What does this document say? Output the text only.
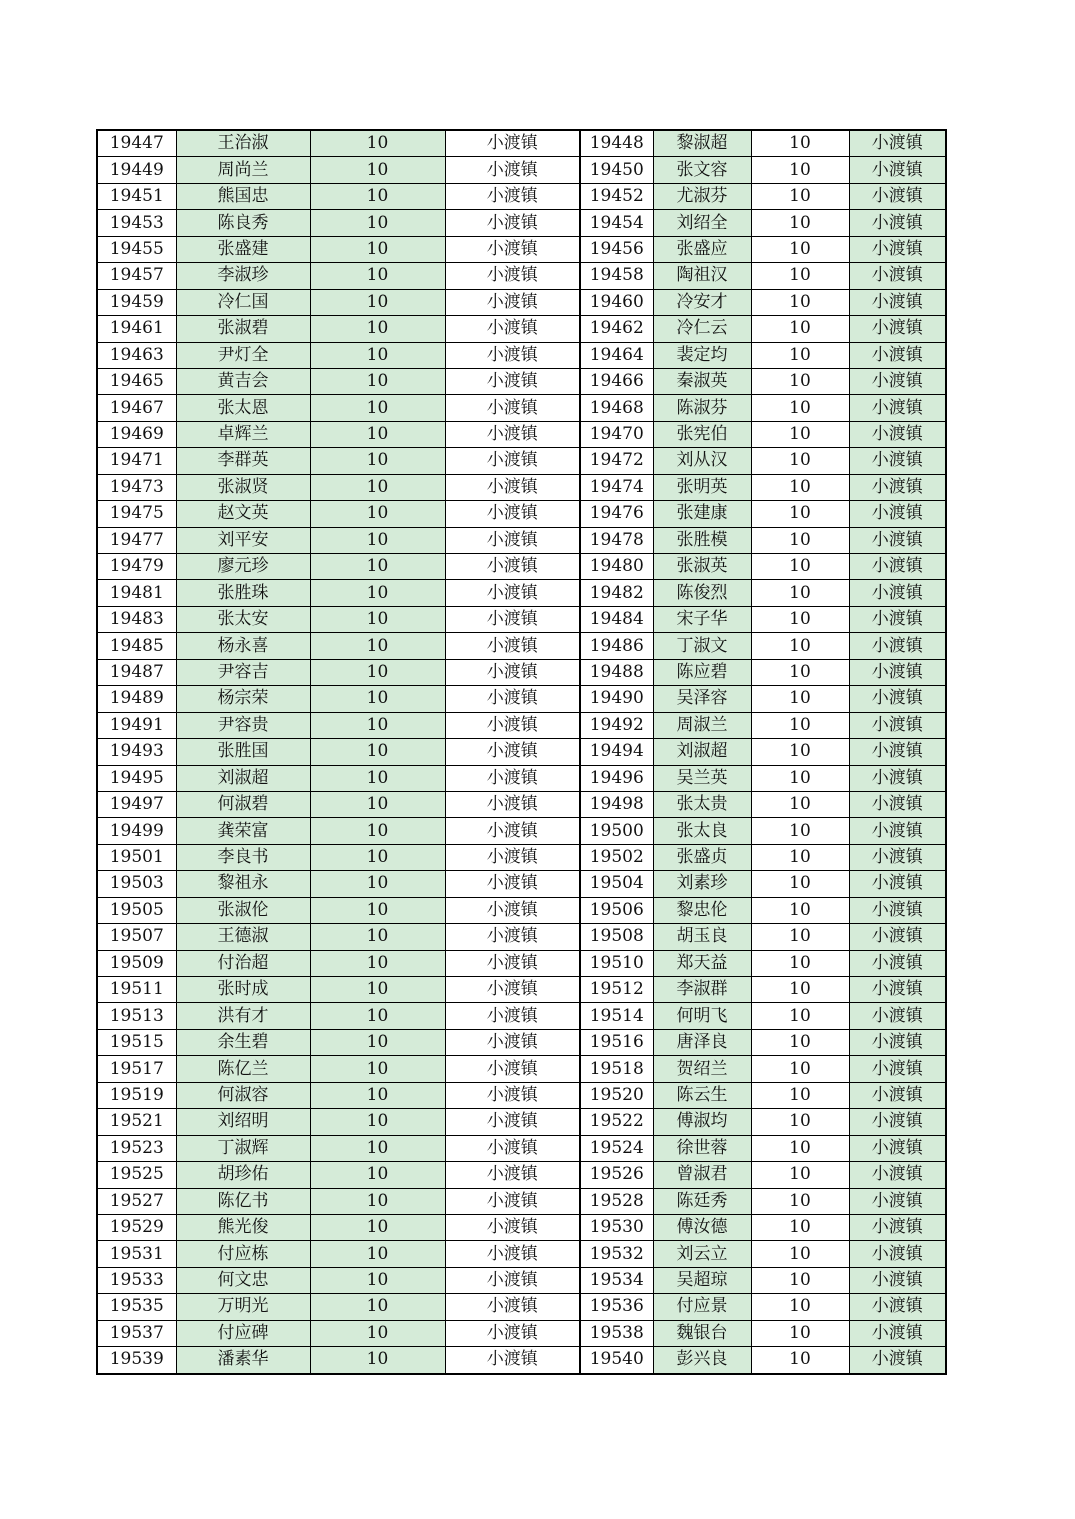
19447	王治淑	10	小渡镇	19448	黎淑超	10	小渡镇
19449	周尚兰	10	小渡镇	19450	张文容	10	小渡镇
19451	熊国忠	10	小渡镇	19452	尤淑芬	10	小渡镇
19453	陈良秀	10	小渡镇	19454	刘绍全	10	小渡镇
19455	张盛建	10	小渡镇	19456	张盛应	10	小渡镇
19457	李淑珍	10	小渡镇	19458	陶祖汉	10	小渡镇
19459	冷仁国	10	小渡镇	19460	冷安才	10	小渡镇
19461	张淑碧	10	小渡镇	19462	冷仁云	10	小渡镇
19463	尹灯全	10	小渡镇	19464	裴定均	10	小渡镇
19465	黄吉会	10	小渡镇	19466	秦淑英	10	小渡镇
19467	张太恩	10	小渡镇	19468	陈淑芬	10	小渡镇
19469	卓辉兰	10	小渡镇	19470	张宪伯	10	小渡镇
19471	李群英	10	小渡镇	19472	刘从汉	10	小渡镇
19473	张淑贤	10	小渡镇	19474	张明英	10	小渡镇
19475	赵文英	10	小渡镇	19476	张建康	10	小渡镇
19477	刘平安	10	小渡镇	19478	张胜模	10	小渡镇
19479	廖元珍	10	小渡镇	19480	张淑英	10	小渡镇
19481	张胜珠	10	小渡镇	19482	陈俊烈	10	小渡镇
19483	张太安	10	小渡镇	19484	宋子华	10	小渡镇
19485	杨永喜	10	小渡镇	19486	丁淑文	10	小渡镇
19487	尹容吉	10	小渡镇	19488	陈应碧	10	小渡镇
19489	杨宗荣	10	小渡镇	19490	吴泽容	10	小渡镇
19491	尹容贵	10	小渡镇	19492	周淑兰	10	小渡镇
19493	张胜国	10	小渡镇	19494	刘淑超	10	小渡镇
19495	刘淑超	10	小渡镇	19496	吴兰英	10	小渡镇
19497	何淑碧	10	小渡镇	19498	张太贵	10	小渡镇
19499	龚荣富	10	小渡镇	19500	张太良	10	小渡镇
19501	李良书	10	小渡镇	19502	张盛贞	10	小渡镇
19503	黎祖永	10	小渡镇	19504	刘素珍	10	小渡镇
19505	张淑伦	10	小渡镇	19506	黎忠伦	10	小渡镇
19507	王德淑	10	小渡镇	19508	胡玉良	10	小渡镇
19509	付治超	10	小渡镇	19510	郑天益	10	小渡镇
19511	张时成	10	小渡镇	19512	李淑群	10	小渡镇
19513	洪有才	10	小渡镇	19514	何明飞	10	小渡镇
19515	余生碧	10	小渡镇	19516	唐泽良	10	小渡镇
19517	陈亿兰	10	小渡镇	19518	贺绍兰	10	小渡镇
19519	何淑容	10	小渡镇	19520	陈云生	10	小渡镇
19521	刘绍明	10	小渡镇	19522	傅淑均	10	小渡镇
19523	丁淑辉	10	小渡镇	19524	徐世蓉	10	小渡镇
19525	胡珍佑	10	小渡镇	19526	曾淑君	10	小渡镇
19527	陈亿书	10	小渡镇	19528	陈廷秀	10	小渡镇
19529	熊光俊	10	小渡镇	19530	傅汝德	10	小渡镇
19531	付应栋	10	小渡镇	19532	刘云立	10	小渡镇
19533	何文忠	10	小渡镇	19534	吴超琼	10	小渡镇
19535	万明光	10	小渡镇	19536	付应景	10	小渡镇
19537	付应碑	10	小渡镇	19538	魏银台	10	小渡镇
19539	潘素华	10	小渡镇	19540	彭兴良	10	小渡镇
